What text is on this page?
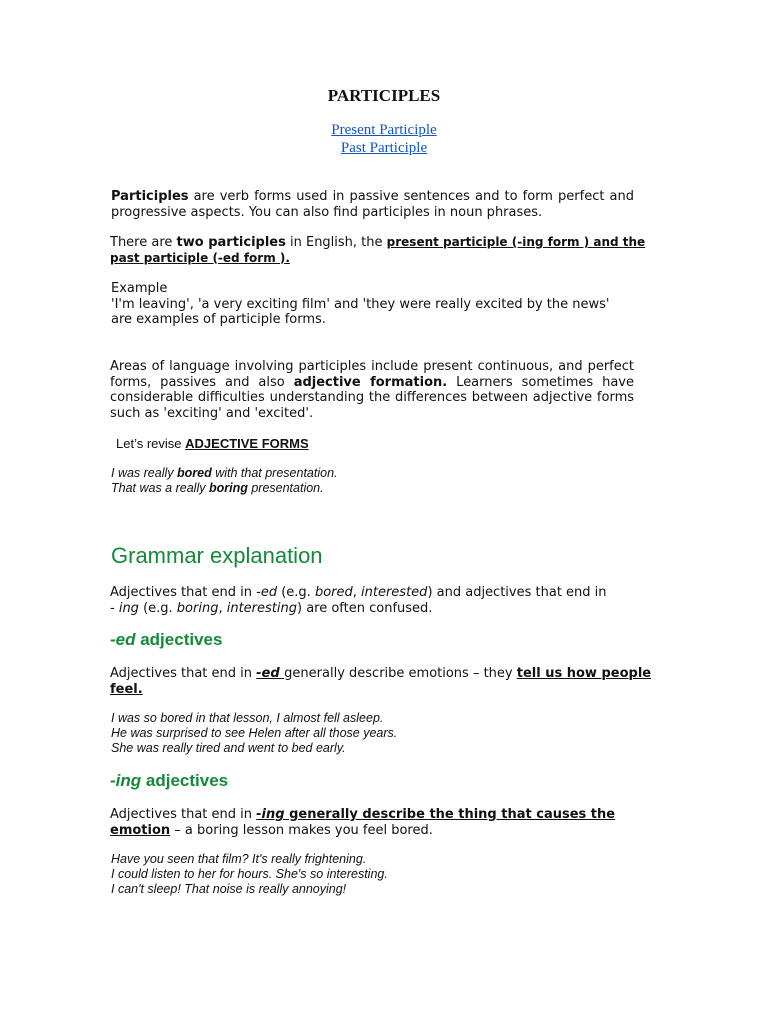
PARTICIPLES
Present Participle
Past Participle
Participles are verb forms used in passive sentences and to form perfect and progressive aspects. You can also find participles in noun phrases.
There are two participles in English, the present participle (-ing form ) and the
past participle (-ed form ).
Example
'I'm leaving', 'a very exciting film' and 'they were really excited by the news'
are examples of participle forms.
Areas of language involving participles include present continuous, and perfect forms, passives and also adjective formation. Learners sometimes have considerable difficulties understanding the differences between adjective forms such as 'exciting' and 'excited'.
Let’s revise ADJECTIVE FORMS
I was really bored with that presentation.
That was a really boring presentation.
Grammar explanation
Adjectives that end in -ed (e.g. bored, interested) and adjectives that end in
- ing (e.g. boring, interesting) are often confused.
-ed adjectives
Adjectives that end in -ed generally describe emotions – they tell us how people
feel.
I was so bored in that lesson, I almost fell asleep.
He was surprised to see Helen after all those years.
She was really tired and went to bed early.
-ing adjectives
Adjectives that end in -ing generally describe the thing that causes the
emotion – a boring lesson makes you feel bored.
Have you seen that film? It's really frightening.
I could listen to her for hours. She's so interesting.
I can't sleep! That noise is really annoying!
